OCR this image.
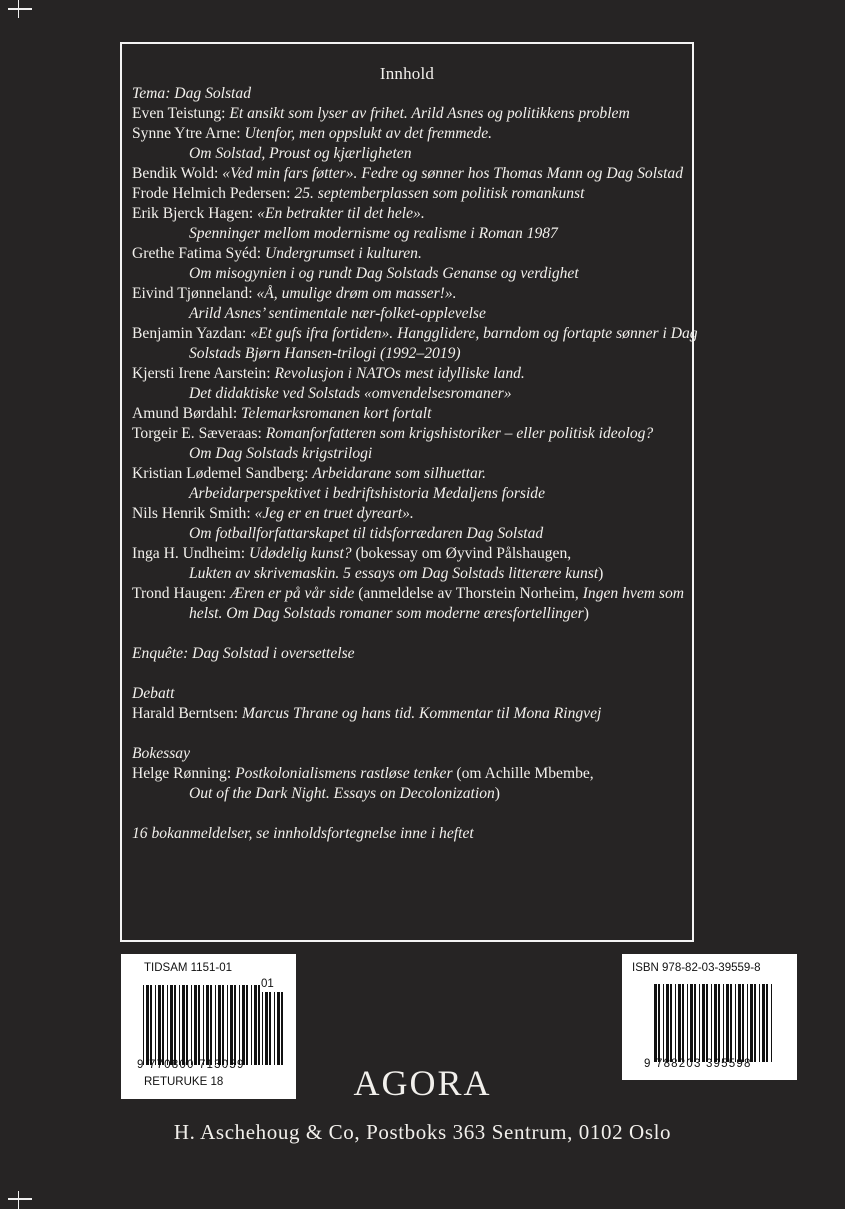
Innhold
Tema: Dag Solstad
Even Teistung: Et ansikt som lyser av frihet. Arild Asnes og politikkens problem
Synne Ytre Arne: Utenfor, men oppslukt av det fremmede.
Om Solstad, Proust og kjærligheten
Bendik Wold: «Ved min fars føtter». Fedre og sønner hos Thomas Mann og Dag Solstad
Frode Helmich Pedersen: 25. septemberplassen som politisk romankunst
Erik Bjerck Hagen: «En betrakter til det hele».
Spenninger mellom modernisme og realisme i Roman 1987
Grethe Fatima Syéd: Undergrumset i kulturen.
Om misogynien i og rundt Dag Solstads Genanse og verdighet
Eivind Tjønneland: «Å, umulige drøm om masser!».
Arild Asnes’ sentimentale nær-folket-opplevelse
Benjamin Yazdan: «Et gufs ifra fortiden». Hangglidere, barndom og fortapte sønner i Dag
Solstads Bjørn Hansen-trilogi (1992–2019)
Kjersti Irene Aarstein: Revolusjon i NATOs mest idylliske land.
Det didaktiske ved Solstads «omvendelsesromaner»
Amund Børdahl: Telemarksromanen kort fortalt
Torgeir E. Sæveraas: Romanforfatteren som krigshistoriker – eller politisk ideolog?
Om Dag Solstads krigstrilogi
Kristian Lødemel Sandberg: Arbeidarane som silhuettar.
Arbeidarperspektivet i bedriftshistoria Medaljens forside
Nils Henrik Smith: «Jeg er en truet dyreart».
Om fotballforfattarskapet til tidsforrædaren Dag Solstad
Inga H. Undheim: Udødelig kunst? (bokessay om Øyvind Pålshaugen,
Lukten av skrivemaskin. 5 essays om Dag Solstads litterære kunst)
Trond Haugen: Æren er på vår side (anmeldelse av Thorstein Norheim, Ingen hvem som
helst. Om Dag Solstads romaner som moderne æresfortellinger)
Enquête: Dag Solstad i oversettelse
Debatt
Harald Berntsen: Marcus Thrane og hans tid. Kommentar til Mona Ringvej
Bokessay
Helge Rønning: Postkolonialismens rastløse tenker (om Achille Mbembe,
Out of the Dark Night. Essays on Decolonization)
16 bokanmeldelser, se innholdsfortegnelse inne i heftet
TIDSAM 1151-01
01
9 770800 713059
RETURUKE 18
ISBN 978-82-03-39559-8
9 788203 395598
AGORA
H. Aschehoug & Co, Postboks 363 Sentrum, 0102 Oslo
